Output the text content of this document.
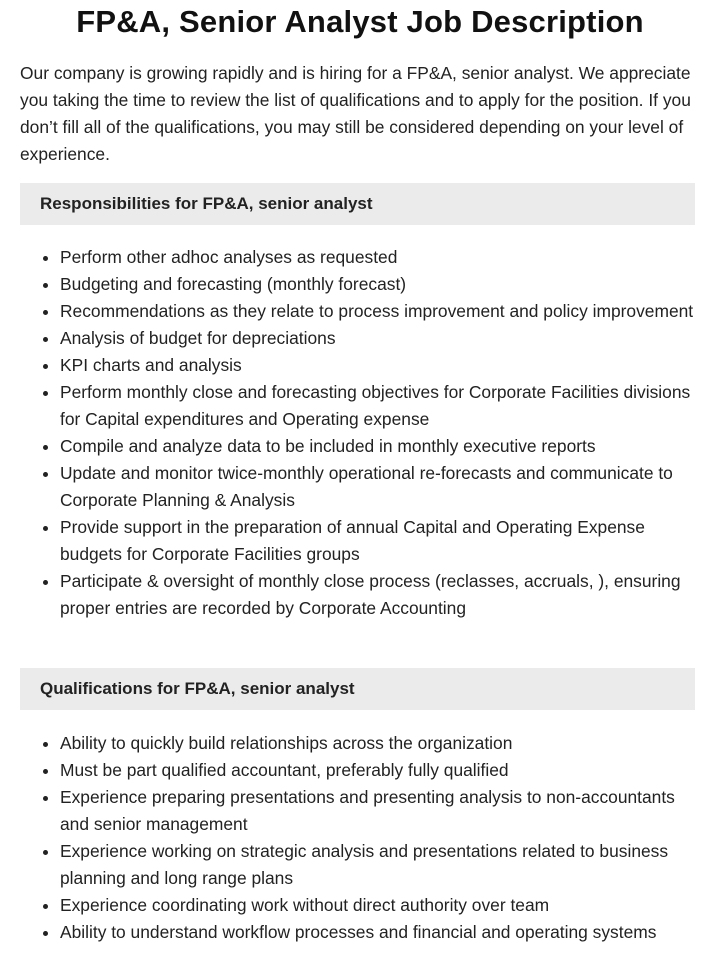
FP&A, Senior Analyst Job Description

Our company is growing rapidly and is hiring for a FP&A, senior analyst. We appreciate you taking the time to review the list of qualifications and to apply for the position. If you don’t fill all of the qualifications, you may still be considered depending on your level of experience.

Responsibilities for FP&A, senior analyst
• Perform other adhoc analyses as requested
• Budgeting and forecasting (monthly forecast)
• Recommendations as they relate to process improvement and policy improvement
• Analysis of budget for depreciations
• KPI charts and analysis
• Perform monthly close and forecasting objectives for Corporate Facilities divisions for Capital expenditures and Operating expense
• Compile and analyze data to be included in monthly executive reports
• Update and monitor twice-monthly operational re-forecasts and communicate to Corporate Planning & Analysis
• Provide support in the preparation of annual Capital and Operating Expense budgets for Corporate Facilities groups
• Participate & oversight of monthly close process (reclasses, accruals, ), ensuring proper entries are recorded by Corporate Accounting
Qualifications for FP&A, senior analyst
• Ability to quickly build relationships across the organization
• Must be part qualified accountant, preferably fully qualified
• Experience preparing presentations and presenting analysis to non-accountants and senior management
• Experience working on strategic analysis and presentations related to business planning and long range plans
• Experience coordinating work without direct authority over team
• Ability to understand workflow processes and financial and operating systems
